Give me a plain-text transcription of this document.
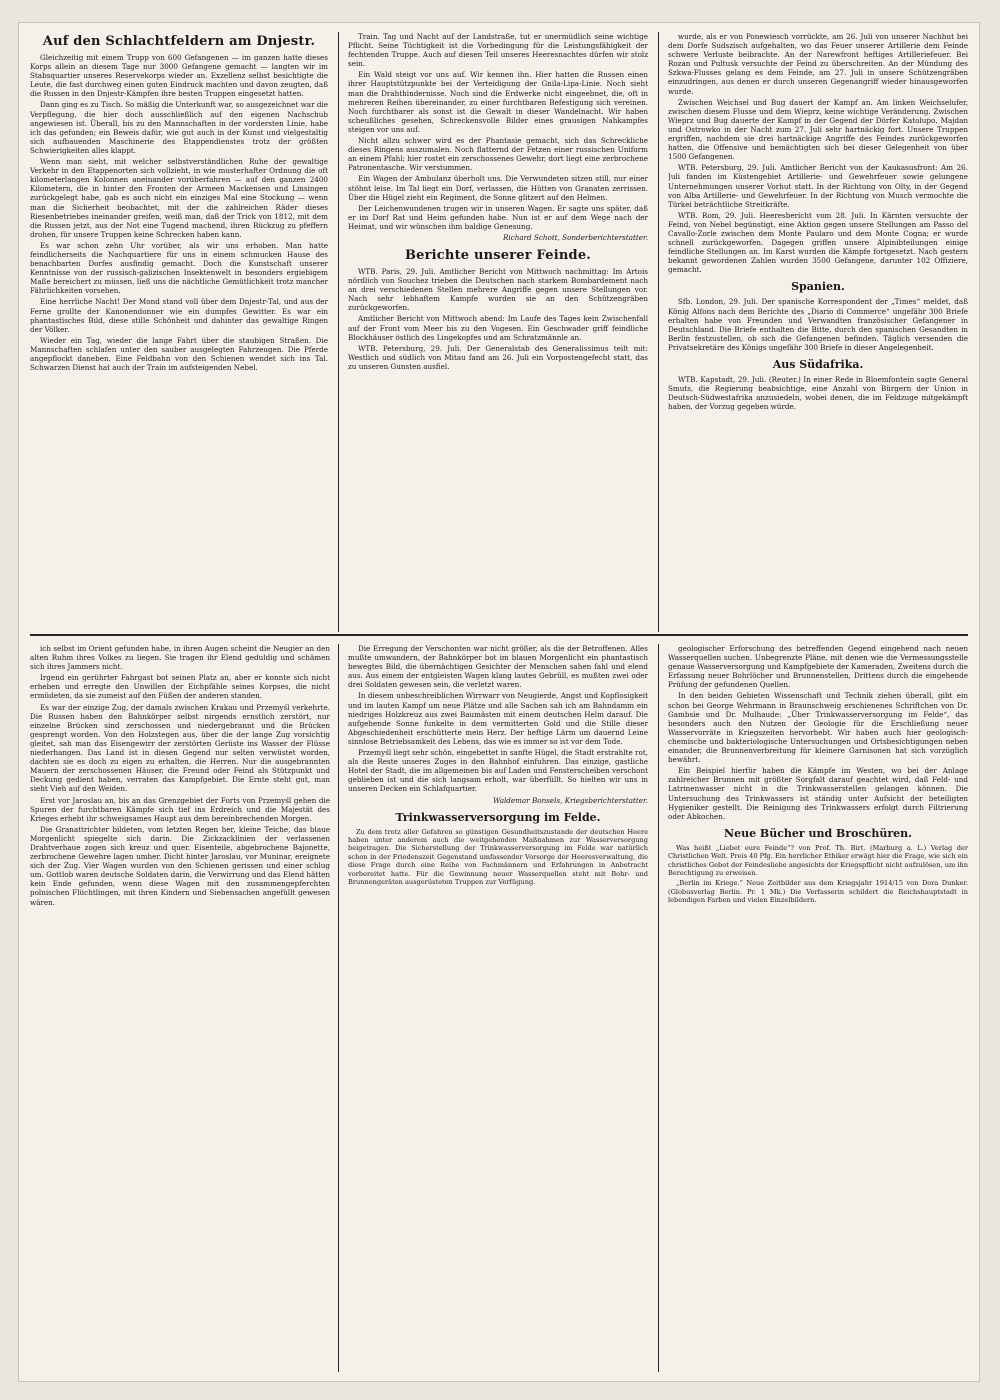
Auf den Schlachtfeldern am Dnjestr.

Gleichzeitig mit einem Trupp von 600 Gefangenen — im ganzen hatte dieses Korps allein an diesem Tage nur 3000 Gefangene gemacht — langten wir im Stabsquartier unseres Reservekorps wieder an. Exzellenz selbst besichtigte die Leute, die fast durchweg einen guten Eindruck machten und davon zeugten, daß die Russen in den Dnjestr-Kämpfen ihre besten Truppen eingesetzt hatten.

Dann ging es zu Tisch. So mäßig die Unterkunft war, so ausgezeichnet war die Verpflegung, die hier doch ausschließlich auf den eigenen Nachschub angewiesen ist. Überall, bis zu den Mannschaften in der vordersten Linie, habe ich das gefunden; ein Beweis dafür, wie gut auch in der Kunst und vielgestaltig sich aufbauenden Maschinerie des Etappendienstes trotz der größten Schwierigkeiten alles klappt.

Wenn man sieht, mit welcher selbstverständlichen Ruhe der gewaltige Verkehr in den Etappenorten sich vollzieht, in wie musterhafter Ordnung die oft kilometerlangen Kolonnen aneinander vorüberfahren — auf den ganzen 2400 Kilometern, die in hinter den Fronten der Armeen Mackensen und Linsingen zurückgelegt habe, gab es auch nicht ein einziges Mal eine Stockung — wenn man die Sicherheit beobachtet, mit der die zahlreichen Räder dieses Riesenbetriebes ineinander greifen, weiß man, daß der Trick von 1812, mit dem die Russen jetzt, aus der Not eine Tugend machend, ihren Rückzug zu pfeffern drohen, für unsere Truppen keine Schrecken haben kann.

Es war schon zehn Uhr vorüber, als wir uns erhoben. Man hatte feindlicherseits die Nachquartiere für uns in einem schmucken Hause des benachbarten Dorfes ausfindig gemacht. Doch die Kunstschaft unserer Kenntnisse von der russisch-galizischen Insektenwelt in besonders ergiebigem Maße bereichert zu müssen, ließ uns die nächtliche Gemütlichkeit trotz mancher Fährlichkeiten vorsehen.

Eine herrliche Nacht! Der Mond stand voll über dem Dnjestr-Tal, und aus der Ferne grollte der Kanonendonner wie ein dumpfes Gewitter. Es war ein phantastisches Bild, diese stille Schönheit und dahinter das gewaltige Ringen der Völker.

Wieder ein Tag, wieder die lange Fahrt über die staubigen Straßen. Die Mannschaften schlafen unter den sauber ausgelegten Fahrzeugen. Die Pferde angepflockt daneben. Eine Feldbahn von den Schienen wendet sich ins Tal. Schwarzen Dienst hat auch der Train im aufsteigenden Nebel.

Train. Tag und Nacht auf der Landstraße, tut er unermüdlich seine wichtige Pflicht. Seine Tüchtigkeit ist die Vorbedingung für die Leistungsfähigkeit der fechtenden Truppe. Auch auf diesen Teil unseres Heeresnachtes dürfen wir stolz sein.

Ein Wald steigt vor uns auf. Wir kennen ihn. Hier hatten die Russen einen ihrer Hauptstützpunkte bei der Verteidigung der Gnila-Lipa-Linie. Noch sieht man die Drahthindernisse. Noch sind die Erdwerke nicht eingeebnet, die, oft in mehreren Reihen übereinander, zu einer furchtbaren Befestigung sich vereinen. Noch furchtbarer als sonst ist die Gewalt in dieser Wandelnacht. Wir haben scheußliches gesehen, Schreckensvolle Bilder eines grausigen Nahkampfes steigen vor uns auf.

Nicht allzu schwer wird es der Phantasie gemacht, sich das Schreckliche dieses Ringens auszumalen. Noch flatternd der Fetzen einer russischen Uniform an einem Pfahl; hier rostet ein zerschossenes Gewehr, dort liegt eine zerbrochene Patronentasche. Wir verstummen.

Ein Wagen der Ambulanz überholt uns. Die Verwundeten sitzen still, nur einer stöhnt leise. Im Tal liegt ein Dorf, verlassen, die Hütten von Granaten zerrissen. Über die Hügel zieht ein Regiment, die Sonne glitzert auf den Helmen.

Der Leichenwundenen trugen wir in unseren Wagen. Er sagte uns später, daß er im Dorf Rat und Heim gefunden habe. Nun ist er auf dem Wege nach der Heimat, und wir wünschen ihm baldige Genesung.

Richard Schott, Sonderberichterstatter.
Berichte unserer Feinde.

WTB. Paris, 29. Juli. Amtlicher Bericht von Mittwoch nachmittag: Im Artois nördlich von Souchez trieben die Deutschen nach starkem Bombardement nach an drei verschiedenen Stellen mehrere Angriffe gegen unsere Stellungen vor. Nach sehr lebhaftem Kampfe wurden sie an den Schützengräben zurückgeworfen.

Amtlicher Bericht von Mittwoch abend: Im Laufe des Tages kein Zwischenfall auf der Front vom Meer bis zu den Vogesen. Ein Geschwader griff feindliche Blockhäuser östlich des Lingekopfes und am Schratzmännle an.

WTB. Petersburg, 29. Juli. Der Generalstab des Generalissimus teilt mit: Westlich und südlich von Mitau fand am 26. Juli ein Vorpostengefecht statt, das zu unseren Gunsten ausfiel.

wurde, als er von Ponewiesch vorrückte, am 26. Juli von unserer Nachhut bei dem Dorfe Sudszisch aufgehalten, wo das Feuer unserer Artillerie dem Feinde schwere Verluste beibrachte. An der Narewfront heftiges Artilleriefeuer. Bei Rozan und Pultusk versuchte der Feind zu überschreiten. An der Mündung des Szkwa-Flusses gelang es dem Feinde, am 27. Juli in unsere Schützengräben einzudringen, aus denen er durch unseren Gegenangriff wieder hinausgeworfen wurde.

Zwischen Weichsel und Bug dauert der Kampf an. Am linken Weichselufer, zwischen diesem Flusse und dem Wieprz, keine wichtige Veränderung. Zwischen Wieprz und Bug dauerte der Kampf in der Gegend der Dörfer Katolupo, Majdan und Ostrowko in der Nacht zum 27. Juli sehr hartnäckig fort. Unsere Truppen ergriffen, nachdem sie drei hartnäckige Angriffe des Feindes zurückgeworfen hatten, die Offensive und bemächtigten sich bei dieser Gelegenheit von über 1500 Gefangenen.

WTB. Petersburg, 29. Juli. Amtlicher Bericht von der Kaukasusfront: Am 26. Juli fanden im Küstengebiet Artillerie- und Gewehrfeuer sowie gelungene Unternehmungen unserer Vorhut statt. In der Richtung von Olty, in der Gegend von Alba Artillerie- und Gewehrfeuer. In der Richtung von Musch vermochte die Türkei beträchtliche Streitkräfte.

WTB. Rom, 29. Juli. Heeresbericht vom 28. Juli. In Kärnten versuchte der Feind, von Nebel begünstigt, eine Aktion gegen unsere Stellungen am Passo del Cavallo-Zorle zwischen dem Monte Paularo und dem Monte Cogna; er wurde schnell zurückgeworfen. Dagegen griffen unsere Alpinibteilungen einige feindliche Stellungen an. Im Karst wurden die Kämpfe fortgesetzt. Nach gestern bekannt gewordenen Zahlen wurden 3500 Gefangene, darunter 102 Offiziere, gemacht.

Spanien.

Sfb. London, 29. Juli. Der spanische Korrespondent der „Times“ meldet, daß König Alfons nach dem Berichte des „Diario di Commerce“ ungefähr 300 Briefe erhalten habe von Freunden und Verwandten französischer Gefangener in Deutschland. Die Briefe enthalten die Bitte, durch den spanischen Gesandten in Berlin festzustellen, ob sich die Gefangenen befinden. Täglich versenden die Privatsekretäre des Königs ungefähr 300 Briefe in dieser Angelegenheit.

Aus Südafrika.

WTB. Kapstadt, 29. Juli. (Reuter.) In einer Rede in Bloemfontein sagte General Smuts, die Regierung beabsichtige, eine Anzahl von Bürgern der Union in Deutsch-Südwestafrika anzusiedeln, wobei denen, die im Feldzuge mitgekämpft haben, der Vorzug gegeben würde.

ich selbst im Orient gefunden habe, in ihren Augen scheint die Neugier an den alten Ruhm ihres Volkes zu liegen. Sie tragen ihr Elend geduldig und schämen sich ihres Jammers nicht.

Irgend ein gerührter Fahrgast bot seinen Platz an, aber er konnte sich nicht erheben und erregte den Unwillen der Eichpfähle seines Korpses, die nicht ermüdeten, da sie zumeist auf den Füßen der anderen standen.

Es war der einzige Zug, der damals zwischen Krakau und Przemyśl verkehrte. Die Russen haben den Bahnkörper selbst nirgends ernstlich zerstört, nur einzelne Brücken sind zerschossen und niedergebrannt und die Brücken gesprengt worden. Von den Holzstegen aus, über die der lange Zug vorsichtig gleitet, sah man das Eisengewirr der zerstörten Gerüste ins Wasser der Flüsse niederhangen. Das Land ist in diesen Gegend nur selten verwüstet worden, dachten sie es doch zu eigen zu erhalten, die Herren. Nur die ausgebrannten Mauern der zerschossenen Häuser, die Freund oder Feind als Stützpunkt und Deckung gedient haben, verraten das Kampfgebiet. Die Ernte steht gut, man sieht Vieh auf den Weiden.

Erst vor Jaroslau an, bis an das Grenzgebiet der Forts von Przemyśl gehen die Spuren der furchtbaren Kämpfe sich tief ins Erdreich und die Majestät des Krieges erhebt ihr schweigsames Haupt aus dem bereinbrechenden Morgen.

Die Granattrichter bildeten, vom letzten Regen her, kleine Teiche, das blaue Morgenlicht spiegelte sich darin. Die Zickzacklinien der verlassenen Drahtverhaue zogen sich kreuz und quer. Eisenteile, abgebrochene Bajonette, zerbrochene Gewehre lagen umher. Dicht hinter Jaroslau, vor Muninar, ereignete sich der Zug. Vier Wagen wurden von den Schienen gerissen und einer schlug um. Gottlob waren deutsche Soldaten darin, die Verwirrung und das Elend hätten kein Ende gefunden, wenn diese Wagen mit den zusammengepferchten polnischen Flüchtlingen, mit ihren Kindern und Siebensachen angefüllt gewesen wären.

Die Erregung der Verschonten war nicht größer, als die der Betroffenen. Alles mußte umwandern, der Bahnkörper bot im blauen Morgenlicht ein phantastisch bewegtes Bild, die übernächtigen Gesichter der Menschen sahen fahl und elend aus. Aus einem der entgleisten Wagen klang lautes Gebrüll, es mußten zwei oder drei Soldaten gewesen sein, die verletzt waren.

In diesem unbeschreiblichen Wirrwarr von Neugierde, Angst und Kopflosigkeit und im lauten Kampf um neue Plätze und alle Sachen sah ich am Bahndamm ein niedriges Holzkreuz aus zwei Baumästen mit einem deutschen Helm darauf. Die aufgehende Sonne funkelte in dem vermitterten Gold und die Stille dieser Abgeschiedenheit erschütterte mein Herz. Der heftige Lärm um dauernd Leine sinnlose Betriebsamkeit des Lebens, das wie es immer so ist vor dem Tode.

Przemyśl liegt sehr schön, eingebettet in sanfte Hügel, die Stadt erstrahlte rot, als die Reste unseres Zuges in den Bahnhof einfuhren. Das einzige, gastliche Hotel der Stadt, die im allgemeinen bis auf Laden und Fensterscheiben verschont geblieben ist und die sich langsam erholt, war überfüllt. So hielten wir uns in unseren Decken ein Schlafquartier.

Waldemar Bonsels, Kriegsberichterstatter.
Trinkwasserversorgung im Felde.

Zu dem trotz aller Gefahren so günstigen Gesundheitszustande der deutschen Heere haben unter anderem auch die weitgehenden Maßnahmen zur Wasserversorgung beigetragen. Die Sicherstellung der Trinkwasserversorgung im Felde war natürlich schon in der Friedenszeit Gegenstand umfassender Vorsorge der Heeresverwaltung, die diese Frage durch eine Reihe von Fachmännern und Erfahrungen in Anbetracht vorbereitet hatte. Für die Gewinnung neuer Wasserquellen steht mit Bohr- und Brunnengeräten ausgerüsteten Truppen zur Verfügung.

geologischer Erforschung des betreffenden Gegend eingehend nach neuen Wasserquellen suchen. Unbegrenzte Pläne, mit denen wie die Vermessungsstelle genaue Wasserversorgung und Kampfgebiete der Kameraden, Zweitens durch die Erfassung neuer Bohrlöcher und Brunnenstellen, Drittens durch die eingehende Prüfung der gefundenen Quellen.

In den beiden Gebieten Wissenschaft und Technik ziehen überall, gibt ein schon bei George Wehrmann in Braunschweig erschienenes Schriftchen von Dr. Gambsie und Dr. Mulhaude: „Über Trinkwasserversorgung im Felde“, das besonders auch den Nutzen der Geologie für die Erschließung neuer Wasservorräte in Kriegszeiten hervorhebt. Wir haben auch hier geologisch-chemische und bakteriologische Untersuchungen und Ortsbesichtigungen neben einander, die Brunnenverbreitung für kleinere Garnisonen hat sich vorzüglich bewährt.

Ein Beispiel hierfür haben die Kämpfe im Westen, wo bei der Anlage zahlreicher Brunnen mit größter Sorgfalt darauf geachtet wird, daß Feld- und Latrinenwasser nicht in die Trinkwasserstellen gelangen können. Die Untersuchung des Trinkwassers ist ständig unter Aufsicht der beteiligten Hygieniker gestellt. Die Reinigung des Trinkwassers erfolgt durch Filtrierung oder Abkochen.

Neue Bücher und Broschüren.

Was heißt „Liebet eure Feinde“? von Prof. Th. Birt. (Marburg a. L.) Verlag der Christlichen Welt. Preis 40 Pfg. Ein herrlicher Ethiker erwägt hier die Frage, wie sich ein christliches Gebot der Feindesliebe angesichts der Kriegspflicht nicht aufzulösen, um ihn Berechtigung zu erweisen.

„Berlin im Kriege.“ Neue Zeitbilder aus dem Kriegsjahr 1914/15 von Dora Dunker. (Globusverlag Berlin. Pr. 1 Mk.) Die Verfasserin schildert die Reichshauptstadt in lebendigen Farben und vielen Einzelbildern.
